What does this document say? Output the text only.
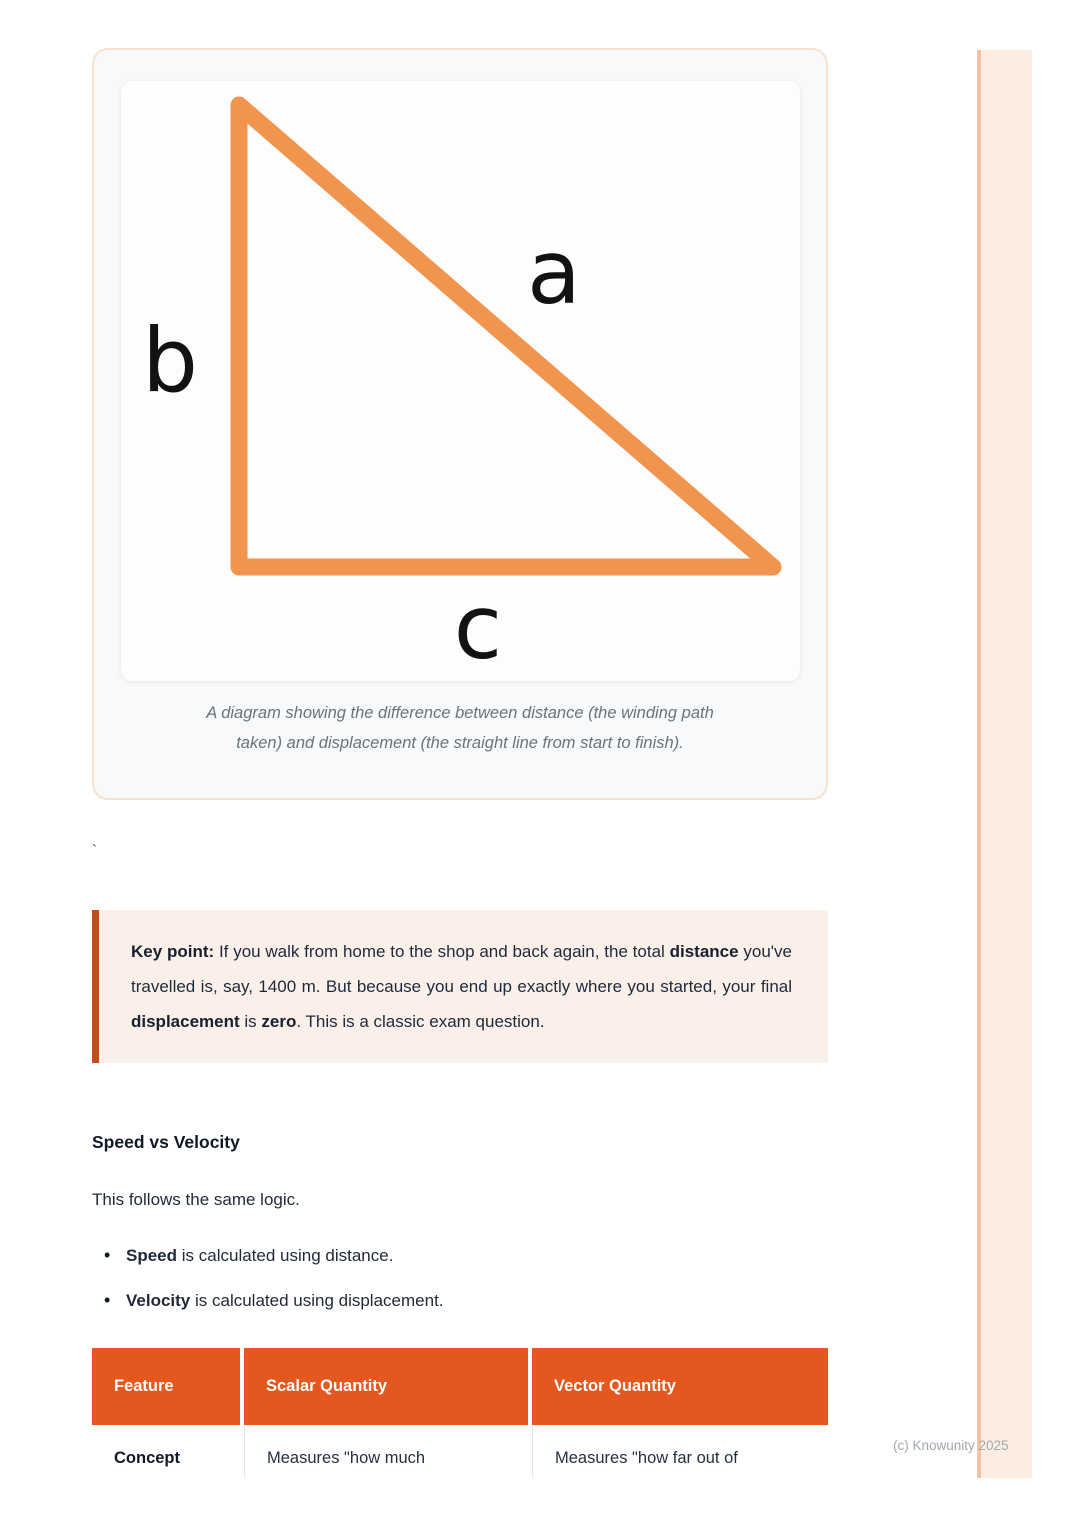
a
b
c
A diagram showing the difference between distance (the winding path
taken) and displacement (the straight line from start to finish).
`
Key point: If you walk from home to the shop and back again, the total distance you've travelled is, say, 1400 m. But because you end up exactly where you started, your final displacement is zero. This is a classic exam question.
Speed vs Velocity
This follows the same logic.
• Speed is calculated using distance.
• Velocity is calculated using displacement.
Feature	Scalar Quantity	Vector Quantity
Concept	Measures "how much	Measures "how far out of
(c) Knowunity 2025
